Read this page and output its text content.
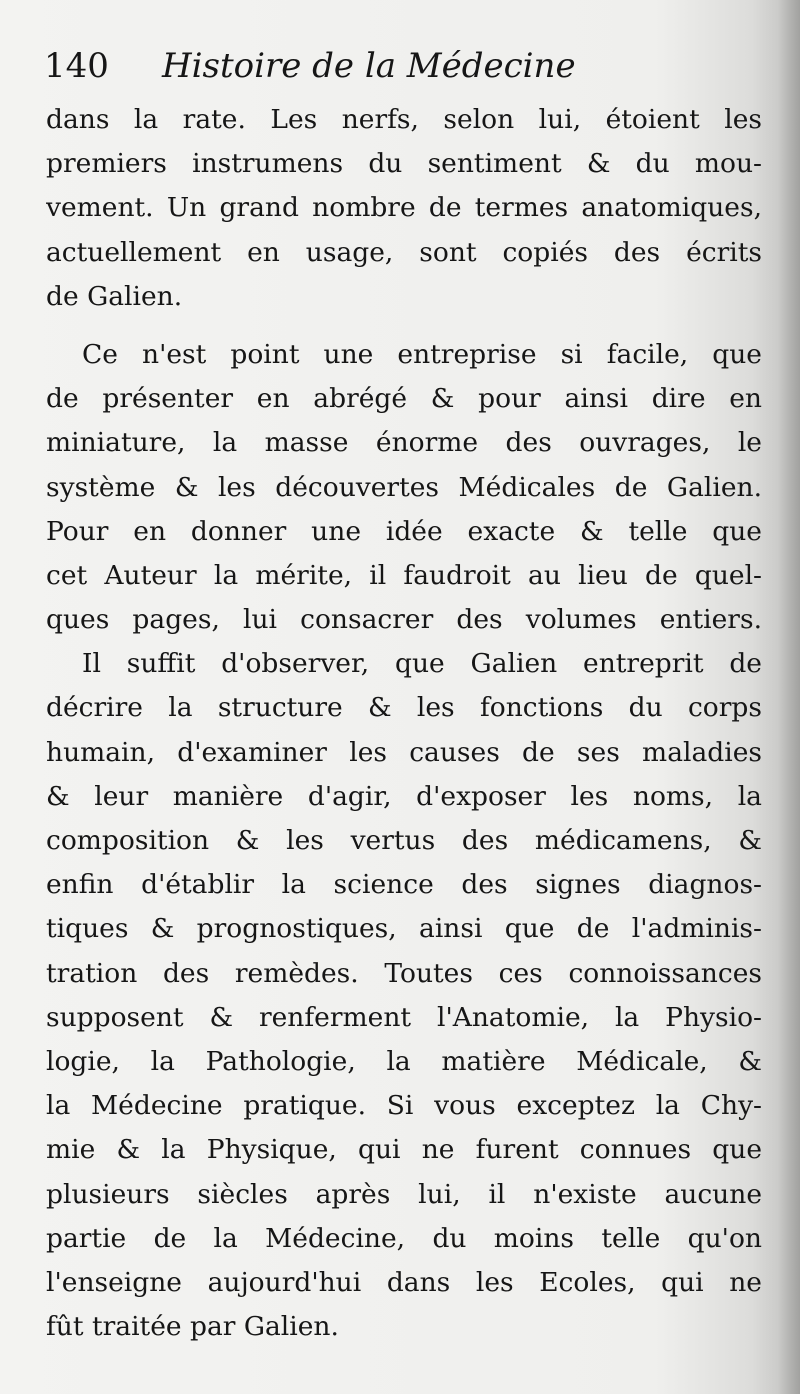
140 Histoire de la Médecine
dans la rate. Les nerfs, selon lui, étoient les
premiers instrumens du sentiment & du mou-
vement. Un grand nombre de termes anatomiques,
actuellement en usage, sont copiés des écrits
de Galien.
Ce n'est point une entreprise si facile, que
de présenter en abrégé & pour ainsi dire en
miniature, la masse énorme des ouvrages, le
système & les découvertes Médicales de Galien.
Pour en donner une idée exacte & telle que
cet Auteur la mérite, il faudroit au lieu de quel-
ques pages, lui consacrer des volumes entiers.
Il suffit d'observer, que Galien entreprit de
décrire la structure & les fonctions du corps
humain, d'examiner les causes de ses maladies
& leur manière d'agir, d'exposer les noms, la
composition & les vertus des médicamens, &
enfin d'établir la science des signes diagnos-
tiques & prognostiques, ainsi que de l'adminis-
tration des remèdes. Toutes ces connoissances
supposent & renferment l'Anatomie, la Physio-
logie, la Pathologie, la matière Médicale, &
la Médecine pratique. Si vous exceptez la Chy-
mie & la Physique, qui ne furent connues que
plusieurs siècles après lui, il n'existe aucune
partie de la Médecine, du moins telle qu'on
l'enseigne aujourd'hui dans les Ecoles, qui ne
fût traitée par Galien.
